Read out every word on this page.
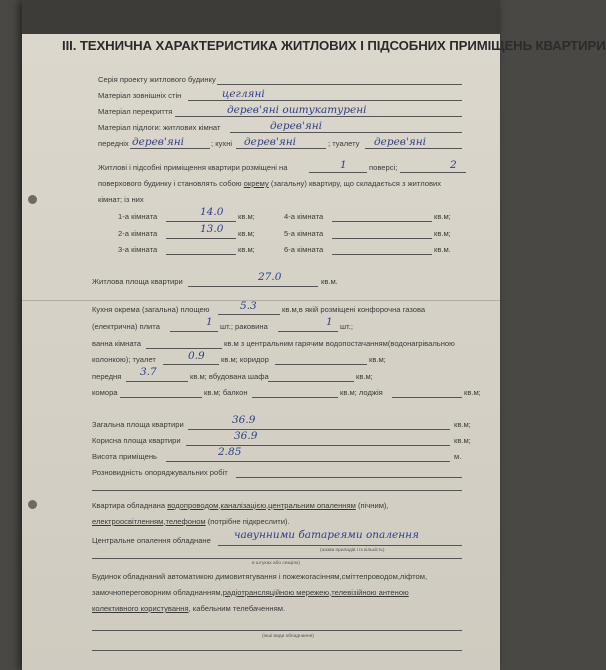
III. ТЕХНИЧНА ХАРАКТЕРИСТИКА ЖИТЛОВИХ І ПІДСОБНИХ ПРИМІЩЕНЬ КВАРТИРИ
Серія проекту житлового будинку
Матеріал зовнішніх стін	цегляні
Матеріал перекриття	дерев'яні оштукатурені
Матеріал підлоги: житлових кімнат	дерев'яні
передніх дерев'яні	; кухні дерев'яні	; туалету дерев'яні
Житлові і підсобні приміщення квартири розміщені на	1	поверсі;	2
поверхового будинку і становлять собою окрему (загальну) квартиру, що складається з житлових
кімнат; із них
1-а кімната	14.0 кв.м;
2-а кімната	13.0 кв.м;
3-а кімната	кв.м;
4-а кімната	кв.м;
5-а кімната	кв.м;
6-а кімната	кв.м.
Житлова площа квартири	27.0	кв.м.
Кухня окрема (загальна) площею	5.3	кв.м,в якій розміщені конфорочна газова
(електрична) плита	1 шт.; раковина	1 шт.;
ванна кімната	кв.м з центральним гарячим водопостачанням(водонагрівальною
колонкою); туалет	0.9 кв.м; коридор	кв.м;
передня 3.7	кв.м; вбудована шафа	кв.м;
комора	кв.м; балкон	кв.м; лоджія	кв.м;
Загальна площа квартири	36.9	кв.м;
Корисна площа квартири	36.9	кв.м;
Висота приміщень	2.85	м.
Розновидність опоряджувальних робіт
Квартира обладнана водопроводом,каналізацією,центральним опаленням (пічним),
електроосвітленням,телефоном (потрібне підкреслити).
Центральне опалення обладнане чавунними батареями опалення
(назва приладів і їх кількість)
в штуках або секціях)
Будинок обладнаний автоматикою димовитягування і пожежогасінням,сміттепроводом,ліфтом,
замочнопереговорним обладнанням,радіотрансляційною мережею,телевізійною антеною
колективного користування, кабельним телебаченням.
(інші види обладнання)
